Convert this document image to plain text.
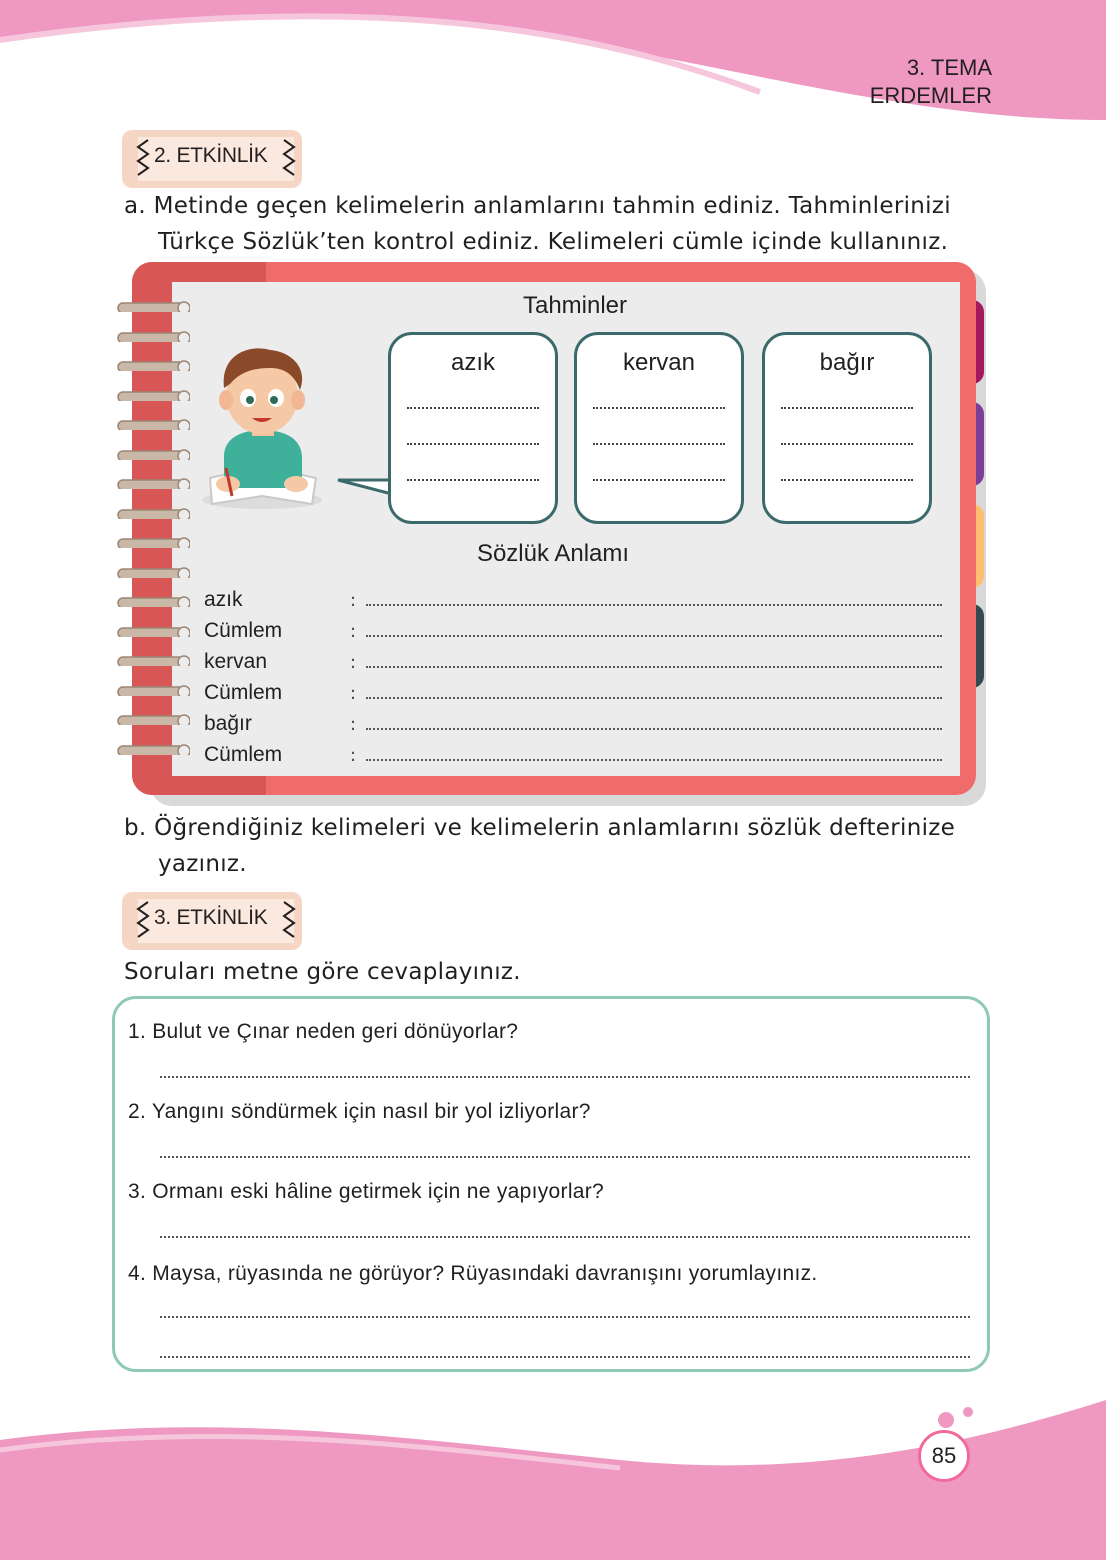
3. TEMA
ERDEMLER
2. ETKİNLİK
a. Metinde geçen kelimelerin anlamlarını tahmin ediniz. Tahminlerinizi
Türkçe Sözlük’ten kontrol ediniz. Kelimeleri cümle içinde kullanınız.
Tahminler
azık	kervan	bağır
Sözlük Anlamı
azık	:
Cümlem	:
kervan	:
Cümlem	:
bağır	:
Cümlem	:
b. Öğrendiğiniz kelimeleri ve kelimelerin anlamlarını sözlük defterinize
yazınız.
3. ETKİNLİK
Soruları metne göre cevaplayınız.
1. Bulut ve Çınar neden geri dönüyorlar?
2. Yangını söndürmek için nasıl bir yol izliyorlar?
3. Ormanı eski hâline getirmek için ne yapıyorlar?
4. Maysa, rüyasında ne görüyor? Rüyasındaki davranışını yorumlayınız.
85
